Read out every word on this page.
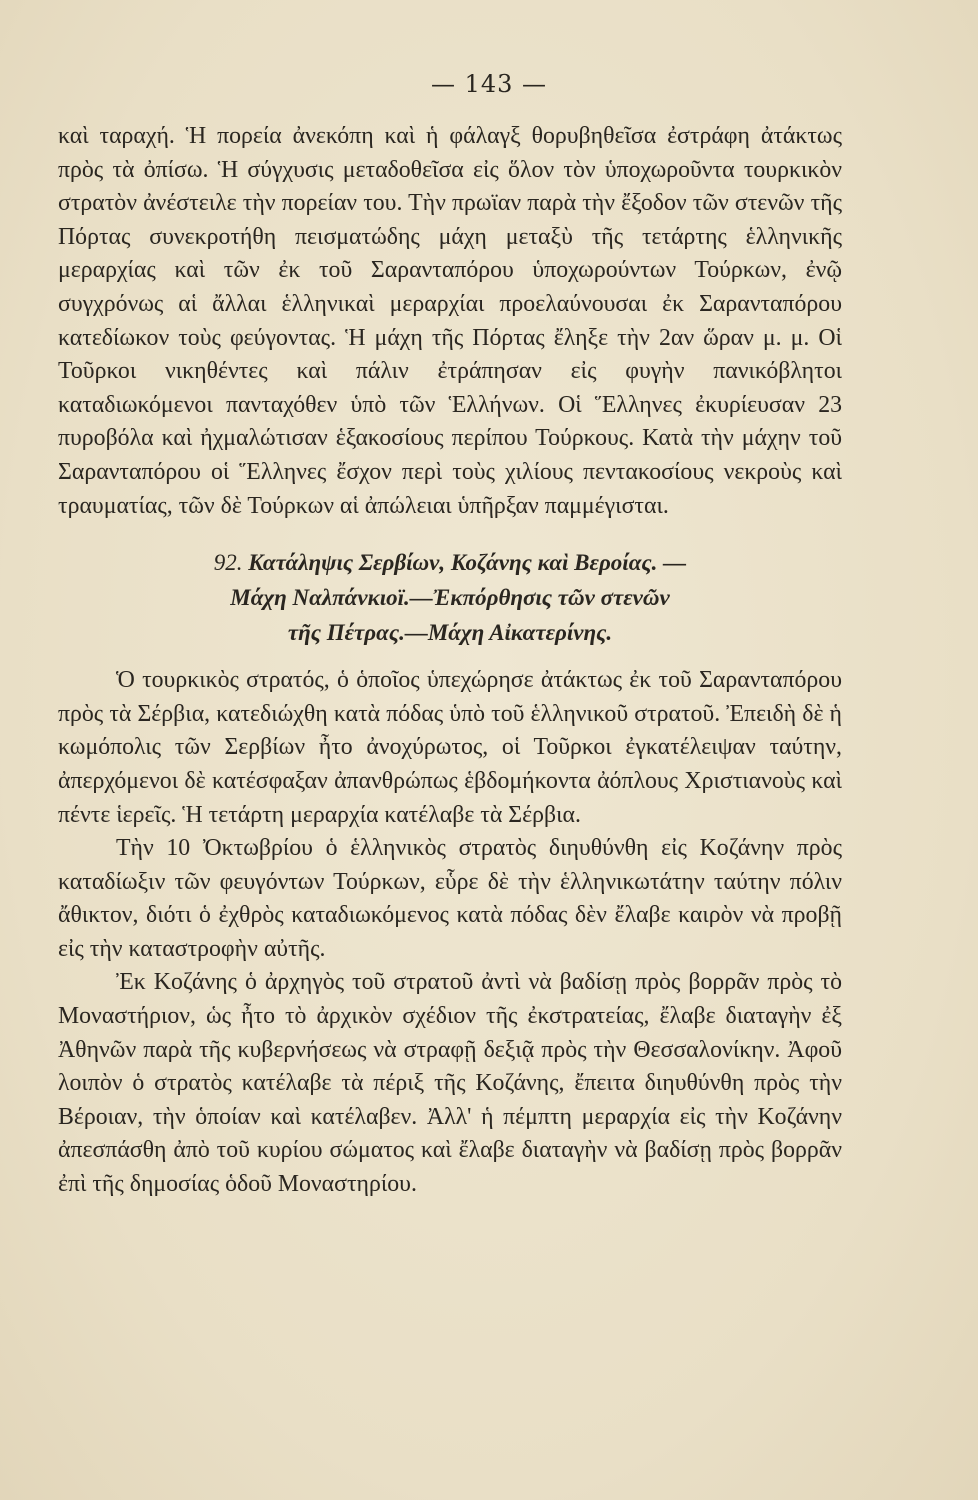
— 143 —

καὶ ταραχή. Ἡ πορεία ἀνεκόπη καὶ ἡ φάλαγξ θορυβηθεῖσα ἐστράφη ἀτάκτως πρὸς τὰ ὀπίσω. Ἡ σύγχυσις μεταδοθεῖσα εἰς ὅλον τὸν ὑποχωροῦντα τουρκικὸν στρατὸν ἀνέστειλε τὴν πορείαν του. Τὴν πρωϊαν παρὰ τὴν ἔξοδον τῶν στενῶν τῆς Πόρτας συνεκροτήθη πεισματώδης μάχη μεταξὺ τῆς τετάρτης ἑλληνικῆς μεραρχίας καὶ τῶν ἐκ τοῦ Σαρανταπόρου ὑποχωρούντων Τούρκων, ἐνῷ συγχρόνως αἱ ἄλλαι ἑλληνικαὶ μεραρχίαι προελαύνουσαι ἐκ Σαρανταπόρου κατεδίωκον τοὺς φεύγοντας. Ἡ μάχη τῆς Πόρτας ἔληξε τὴν 2αν ὥραν μ. μ. Οἱ Τοῦρκοι νικηθέντες καὶ πάλιν ἐτράπησαν εἰς φυγὴν πανικόβλητοι καταδιωκόμενοι πανταχόθεν ὑπὸ τῶν Ἑλλήνων. Οἱ Ἕλληνες ἐκυρίευσαν 23 πυροβόλα καὶ ἠχμαλώτισαν ἑξακοσίους περίπου Τούρκους. Κατὰ τὴν μάχην τοῦ Σαρανταπόρου οἱ Ἕλληνες ἔσχον περὶ τοὺς χιλίους πεντακοσίους νεκροὺς καὶ τραυματίας, τῶν δὲ Τούρκων αἱ ἀπώλειαι ὑπῆρξαν παμμέγισται.

92. Κατάληψις Σερβίων, Κοζάνης καὶ Βεροίας. —
Μάχη Ναλπάνκιοϊ.—Ἐκπόρθησις τῶν στενῶν
τῆς Πέτρας.—Μάχη Αἰκατερίνης.

Ὁ τουρκικὸς στρατός, ὁ ὁποῖος ὑπεχώρησε ἀτάκτως ἐκ τοῦ Σαρανταπόρου πρὸς τὰ Σέρβια, κατεδιώχθη κατὰ πόδας ὑπὸ τοῦ ἑλληνικοῦ στρατοῦ. Ἐπειδὴ δὲ ἡ κωμόπολις τῶν Σερβίων ἦτο ἀνοχύρωτος, οἱ Τοῦρκοι ἐγκατέλειψαν ταύτην, ἀπερχόμενοι δὲ κατέσφαξαν ἀπανθρώπως ἑβδομήκοντα ἀόπλους Χριστιανοὺς καὶ πέντε ἱερεῖς. Ἡ τετάρτη μεραρχία κατέλαβε τὰ Σέρβια.

Τὴν 10 Ὀκτωβρίου ὁ ἑλληνικὸς στρατὸς διηυθύνθη εἰς Κοζάνην πρὸς καταδίωξιν τῶν φευγόντων Τούρκων, εὗρε δὲ τὴν ἑλληνικωτάτην ταύτην πόλιν ἄθικτον, διότι ὁ ἐχθρὸς καταδιωκόμενος κατὰ πόδας δὲν ἔλαβε καιρὸν νὰ προβῇ εἰς τὴν καταστροφὴν αὐτῆς.

Ἐκ Κοζάνης ὁ ἀρχηγὸς τοῦ στρατοῦ ἀντὶ νὰ βαδίσῃ πρὸς βορρᾶν πρὸς τὸ Μοναστήριον, ὡς ἦτο τὸ ἀρχικὸν σχέδιον τῆς ἐκστρατείας, ἔλαβε διαταγὴν ἐξ Ἀθηνῶν παρὰ τῆς κυβερνήσεως νὰ στραφῇ δεξιᾷ πρὸς τὴν Θεσσαλονίκην. Ἀφοῦ λοιπὸν ὁ στρατὸς κατέλαβε τὰ πέριξ τῆς Κοζάνης, ἔπειτα διηυθύνθη πρὸς τὴν Βέροιαν, τὴν ὁποίαν καὶ κατέλαβεν. Ἀλλ' ἡ πέμπτη μεραρχία εἰς τὴν Κοζάνην ἀπεσπάσθη ἀπὸ τοῦ κυρίου σώματος καὶ ἔλαβε διαταγὴν νὰ βαδίσῃ πρὸς βορρᾶν ἐπὶ τῆς δημοσίας ὁδοῦ Μοναστηρίου.
